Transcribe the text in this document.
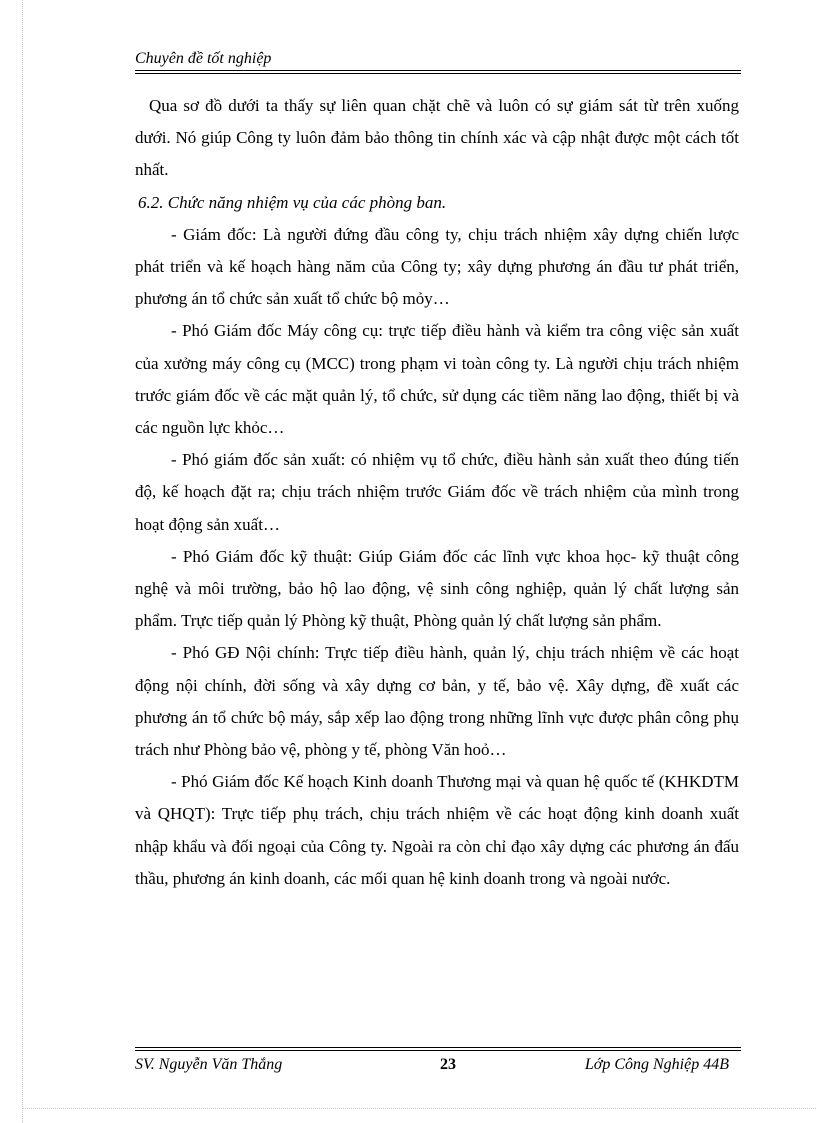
Chuyên đề tốt nghiệp

Qua sơ đồ dưới ta thấy sự liên quan chặt chẽ và luôn có sự giám sát từ trên xuống dưới. Nó giúp Công ty luôn đảm bảo thông tin chính xác và cập nhật được một cách tốt nhất.

6.2. Chức năng nhiệm vụ của các phòng ban.

- Giám đốc: Là người đứng đầu công ty, chịu trách nhiệm xây dựng chiến lược phát triển và kế hoạch hàng năm của Công ty; xây dựng phương án đầu tư phát triển, phương án tổ chức sản xuất tổ chức bộ mỏy…

- Phó Giám đốc Máy công cụ: trực tiếp điều hành và kiểm tra công việc sản xuất của xưởng máy công cụ (MCC) trong phạm vi toàn công ty. Là người chịu trách nhiệm trước giám đốc về các mặt quản lý, tổ chức, sử dụng các tiềm năng lao động, thiết bị và các nguồn lực khỏc…

- Phó giám đốc sản xuất: có nhiệm vụ tổ chức, điều hành sản xuất theo đúng tiến độ, kế hoạch đặt ra; chịu trách nhiệm trước Giám đốc về trách nhiệm của mình trong hoạt động sản xuất…

- Phó Giám đốc kỹ thuật: Giúp Giám đốc các lĩnh vực khoa học- kỹ thuật công nghệ và môi trường, bảo hộ lao động, vệ sinh công nghiệp, quản lý chất lượng sản phẩm. Trực tiếp quản lý Phòng kỹ thuật, Phòng quản lý chất lượng sản phẩm.

- Phó GĐ Nội chính: Trực tiếp điều hành, quản lý, chịu trách nhiệm về các hoạt động nội chính, đời sống và xây dựng cơ bản, y tế, bảo vệ. Xây dựng, đề xuất các phương án tổ chức bộ máy, sắp xếp lao động trong những lĩnh vực được phân công phụ trách như Phòng bảo vệ, phòng y tế, phòng Văn hoỏ…

- Phó Giám đốc Kế hoạch Kinh doanh Thương mại và quan hệ quốc tế (KHKDTM và QHQT): Trực tiếp phụ trách, chịu trách nhiệm về các hoạt động kinh doanh xuất nhập khẩu và đối ngoại của Công ty. Ngoài ra còn chỉ đạo xây dựng các phương án đấu thầu, phương án kinh doanh, các mối quan hệ kinh doanh trong và ngoài nước.

SV. Nguyễn Văn Thắng	23	Lớp Công Nghiệp 44B
